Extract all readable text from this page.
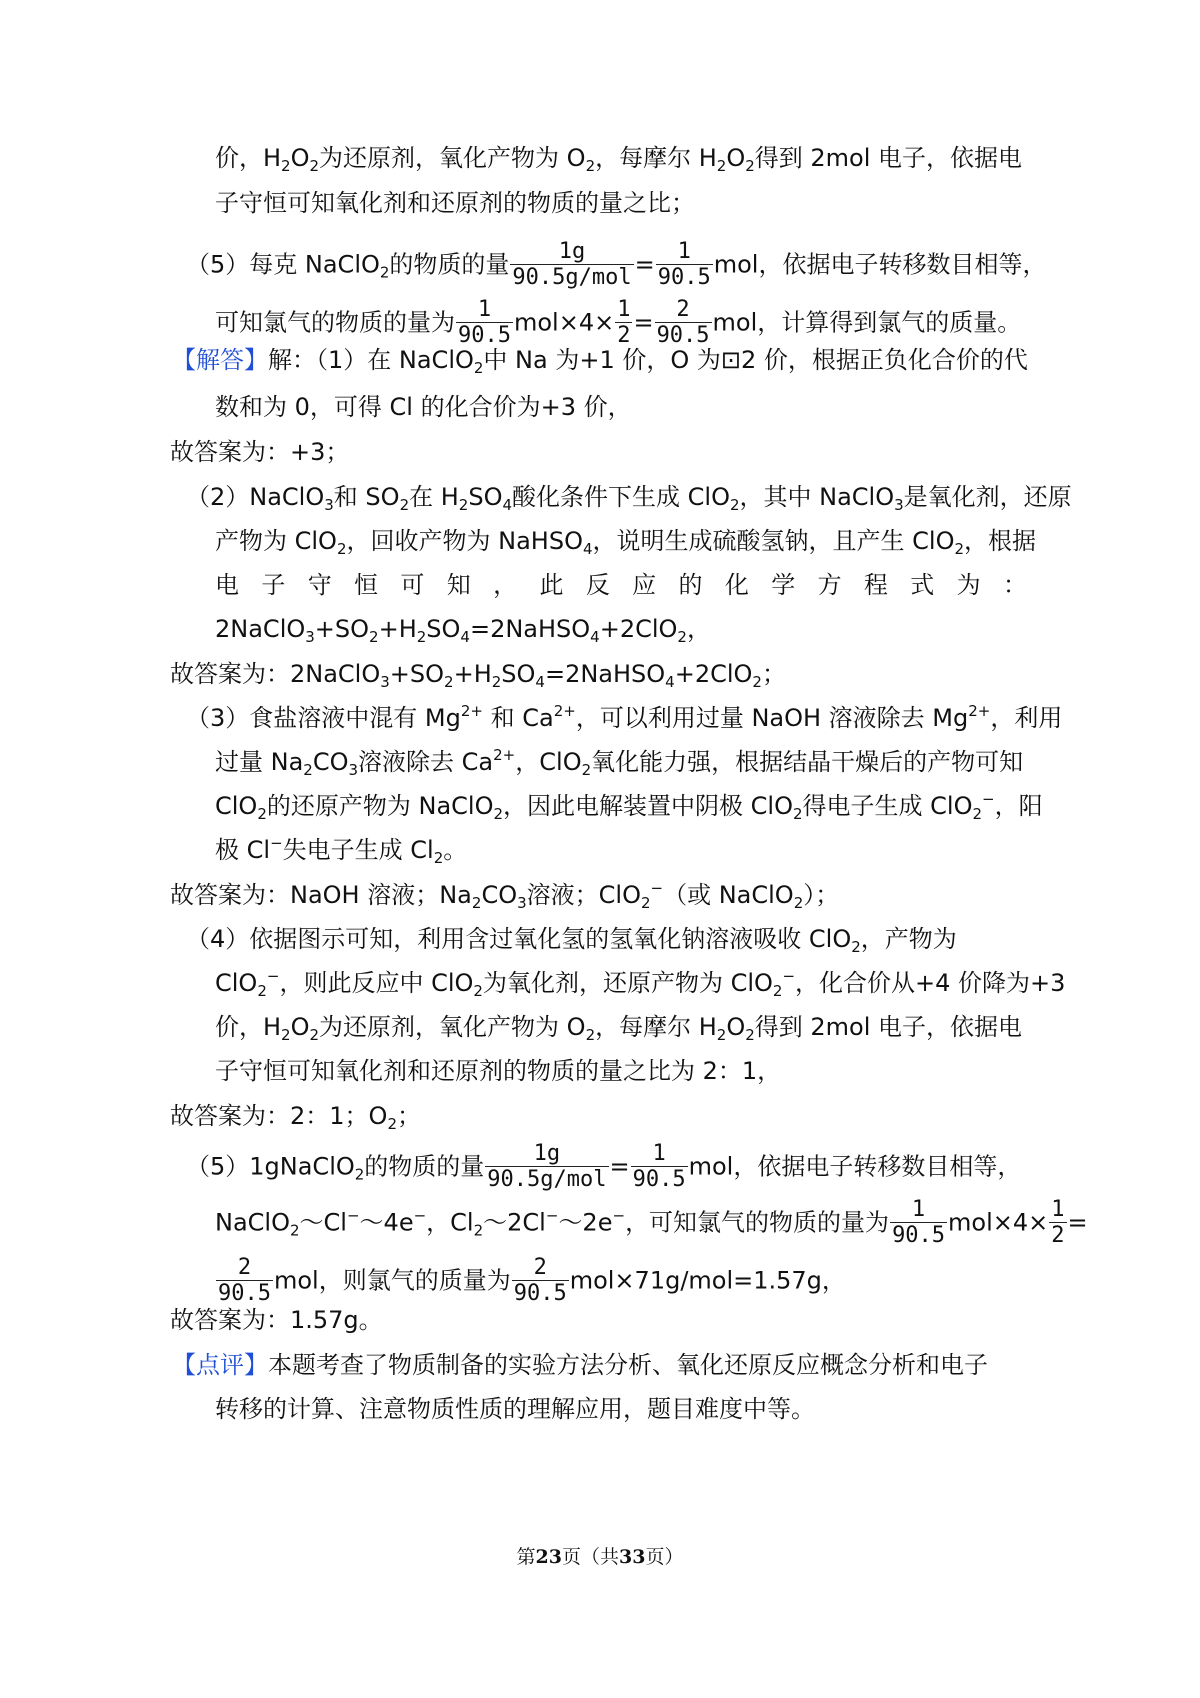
价，$H_2O_2$为还原剂，氧化产物为 $O_2$，每摩尔 $H_2O_2$得到 2mol 电子，依据电
子守恒可知氧化剂和还原剂的物质的量之比；
（5）每克 NaClO$_2$的物质的量 $\frac{1g}{\text{90.5g/mol}} = \frac{1}{90.5}$ mol，依据电子转移数目相等，
可知氯气的物质的量为 $\frac{1}{90.5} mol\times 4\times \frac{1}{2} = \frac{2}{90.5}$ mol，计算得到氯气的质量。
【解答】解：（1）在 NaClO$_2$中 Na 为+1 价，O 为⊡2 价，根据正负化合价的代
数和为 0，可得 Cl 的化合价为+3 价，
故答案为：+3；
（2）NaClO$_3$和 $SO_2$在 $H_2SO_4$酸化条件下生成 ClO$_2$，其中 NaClO$_3$是氧化剂，还原
产物为 ClO$_2$，回收产物为 NaHSO$_4$，说明生成硫酸氢钠，且产生 ClO$_2$，根据
电 子 守 恒 可 知 ， 此 反 应 的 化 学 方 程 式 为 ：
$2NaClO_3+SO_2+H_2SO_4=2NaHSO_4+2ClO_2$，
故答案为：$2NaClO_3+SO_2+H_2SO_4=2NaHSO_4+2ClO_2$；
（3）食盐溶液中混有 $Mg^{2+}$ 和 $Ca^{2+}$，可以利用过量 NaOH 溶液除去 $Mg^{2+}$，利用
过量 $Na_2CO_3$溶液除去 $Ca^{2+}$，ClO$_2$氧化能力强，根据结晶干燥后的产物可知
ClO$_2$的还原产物为 NaClO$_2$，因此电解装置中阴极 ClO$_2$得电子生成 ClO$_2$−，阳
极 Cl−失电子生成 $Cl_2$。
故答案为：NaOH 溶液；$Na_2CO_3$溶液；ClO$_2$−（或 NaClO$_2$）；
（4）依据图示可知，利用含过氧化氢的氢氧化钠溶液吸收 ClO$_2$，产物为
ClO$_2$−，则此反应中 ClO$_2$为氧化剂，还原产物为 ClO$_2$−，化合价从+4 价降为+3
价，$H_2O_2$为还原剂，氧化产物为 $O_2$，每摩尔 $H_2O_2$得到 2mol 电子，依据电
子守恒可知氧化剂和还原剂的物质的量之比为 2：1，
故答案为：2：1；$O_2$；
（5）1gNaClO$_2$的物质的量 $\frac{1g}{\text{90.5g/mol}} = \frac{1}{90.5}$ mol，依据电子转移数目相等，
NaClO$_2$～Cl−～4e−，$Cl_2\sim 2Cl^-\sim 2e^-$，可知氯气的物质的量为 $\frac{1}{90.5} mol\times 4\times \frac{1}{2}$ =
$\frac{2}{90.5}$ mol，则氯气的质量为 $\frac{2}{90.5} mol\times 71g/mol=1.57g$，
故答案为：1.57g。
【点评】本题考查了物质制备的实验方法分析、氧化还原反应概念分析和电子
转移的计算、注意物质性质的理解应用，题目难度中等。
第23页（共33页）
